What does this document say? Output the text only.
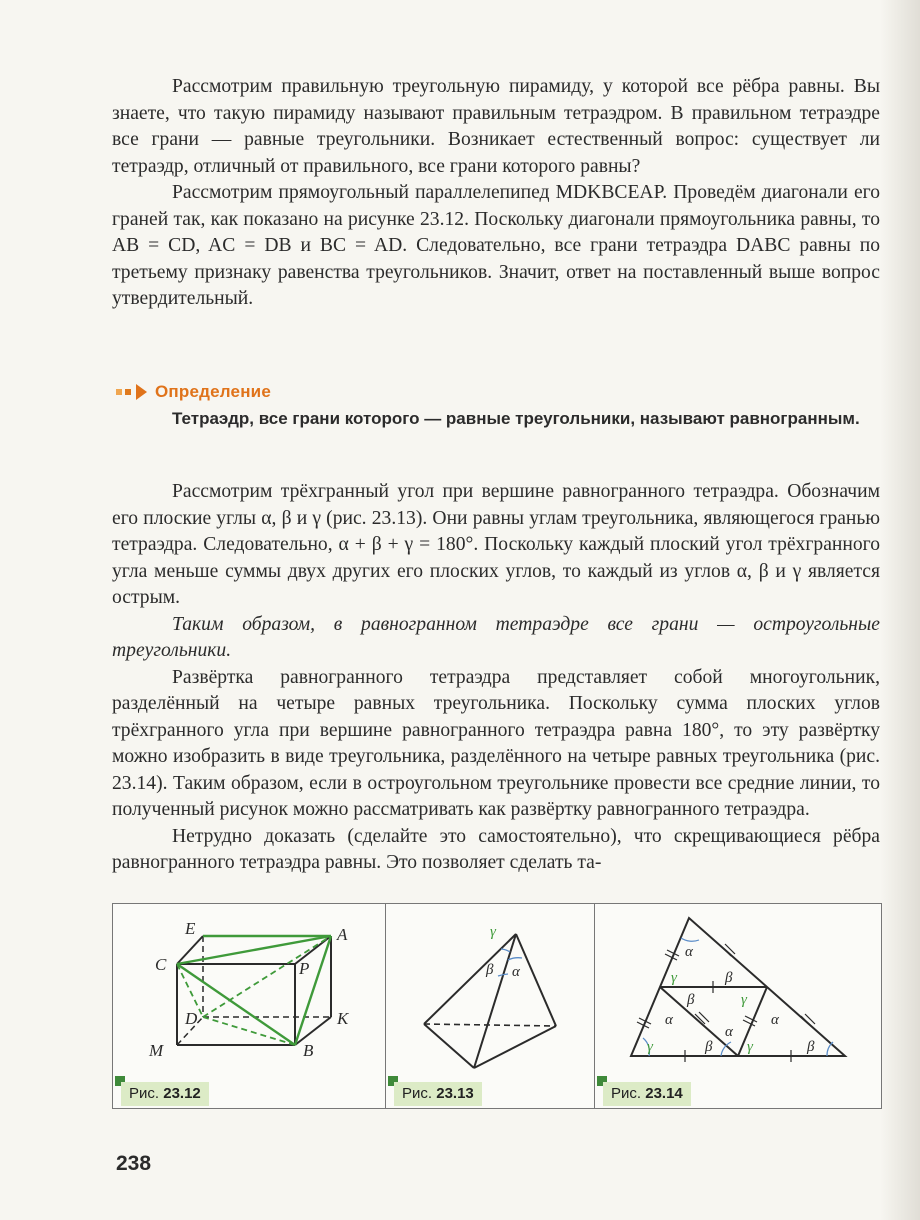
Рассмотрим правильную треугольную пирамиду, у которой все рёбра равны. Вы знаете, что такую пирамиду называют правильным тетраэдром. В правильном тетраэдре все грани — равные треугольники. Возникает естественный вопрос: существует ли тетраэдр, отличный от правильного, все грани которого равны?

Рассмотрим прямоугольный параллелепипед MDKBCEAP. Проведём диагонали его граней так, как показано на рисунке 23.12. Поскольку диагонали прямоугольника равны, то AB = CD, AC = DB и BC = AD. Следовательно, все грани тетраэдра DABC равны по третьему признаку равенства треугольников. Значит, ответ на поставленный выше вопрос утвердительный.

Определение
Тетраэдр, все грани которого — равные треугольники, называют равногранным.

Рассмотрим трёхгранный угол при вершине равногранного тетраэдра. Обозначим его плоские углы α, β и γ (рис. 23.13). Они равны углам треугольника, являющегося гранью тетраэдра. Следовательно, α + β + γ = 180°. Поскольку каждый плоский угол трёхгранного угла меньше суммы двух других его плоских углов, то каждый из углов α, β и γ является острым.

Таким образом, в равногранном тетраэдре все грани — остроугольные треугольники.

Развёртка равногранного тетраэдра представляет собой многоугольник, разделённый на четыре равных треугольника. Поскольку сумма плоских углов трёхгранного угла при вершине равногранного тетраэдра равна 180°, то эту развёртку можно изобразить в виде треугольника, разделённого на четыре равных треугольника (рис. 23.14). Таким образом, если в остроугольном треугольнике провести все средние линии, то полученный рисунок можно рассматривать как развёртку равногранного тетраэдра.

Нетрудно доказать (сделайте это самостоятельно), что скрещивающиеся рёбра равногранного тетраэдра равны. Это позволяет сделать та-

E	A
C	P
D	K
M	B
Рис. 23.12
γ
β α
Рис. 23.13
α
γ	β
β	γ
α
α
α
γ	β γ	β
Рис. 23.14
238
